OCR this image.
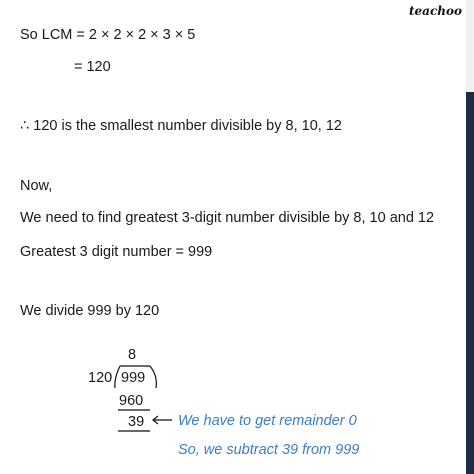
teachoo
So LCM = 2 × 2 × 2 × 3 × 5
= 120
∴ 120 is the smallest number divisible by 8, 10, 12
Now,
We need to find greatest 3-digit number divisible by 8, 10 and 12
Greatest 3 digit number = 999
We divide 999 by 120
8
120 999
960
39 We have to get remainder 0
So, we subtract 39 from 999
